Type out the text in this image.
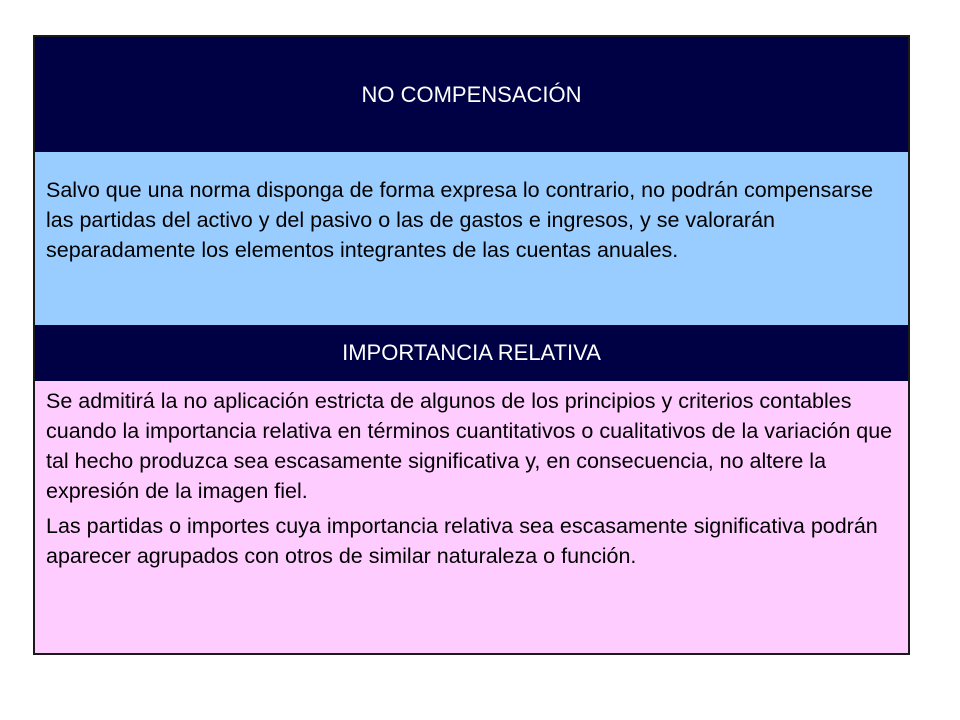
NO COMPENSACIÓN

Salvo que una norma disponga de forma expresa lo contrario, no podrán compensarse las partidas del activo y del pasivo o las de gastos e ingresos, y se valorarán separadamente los elementos integrantes de las cuentas anuales.

IMPORTANCIA RELATIVA

Se admitirá la no aplicación estricta de algunos de los principios y criterios contables cuando la importancia relativa en términos cuantitativos o cualitativos de la variación que tal hecho produzca sea escasamente significativa y, en consecuencia, no altere la expresión de la imagen fiel.

Las partidas o importes cuya importancia relativa sea escasamente significativa podrán aparecer agrupados con otros de similar naturaleza o función.
